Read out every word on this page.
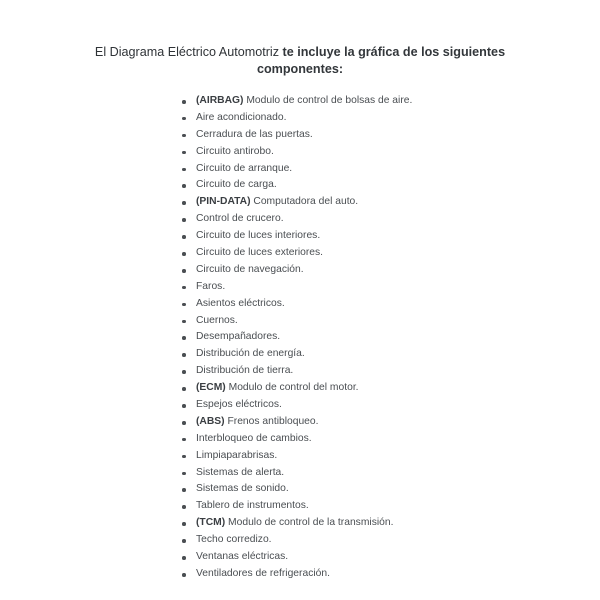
El Diagrama Eléctrico Automotriz te incluye la gráfica de los siguientes componentes:
(AIRBAG) Modulo de control de bolsas de aire.
Aire acondicionado.
Cerradura de las puertas.
Circuito antirobo.
Circuito de arranque.
Circuito de carga.
(PIN-DATA) Computadora del auto.
Control de crucero.
Circuito de luces interiores.
Circuito de luces exteriores.
Circuito de navegación.
Faros.
Asientos eléctricos.
Cuernos.
Desempañadores.
Distribución de energía.
Distribución de tierra.
(ECM) Modulo de control del motor.
Espejos eléctricos.
(ABS) Frenos antibloqueo.
Interbloqueo de cambios.
Limpiaparabrisas.
Sistemas de alerta.
Sistemas de sonido.
Tablero de instrumentos.
(TCM) Modulo de control de la transmisión.
Techo corredizo.
Ventanas eléctricas.
Ventiladores de refrigeración.
